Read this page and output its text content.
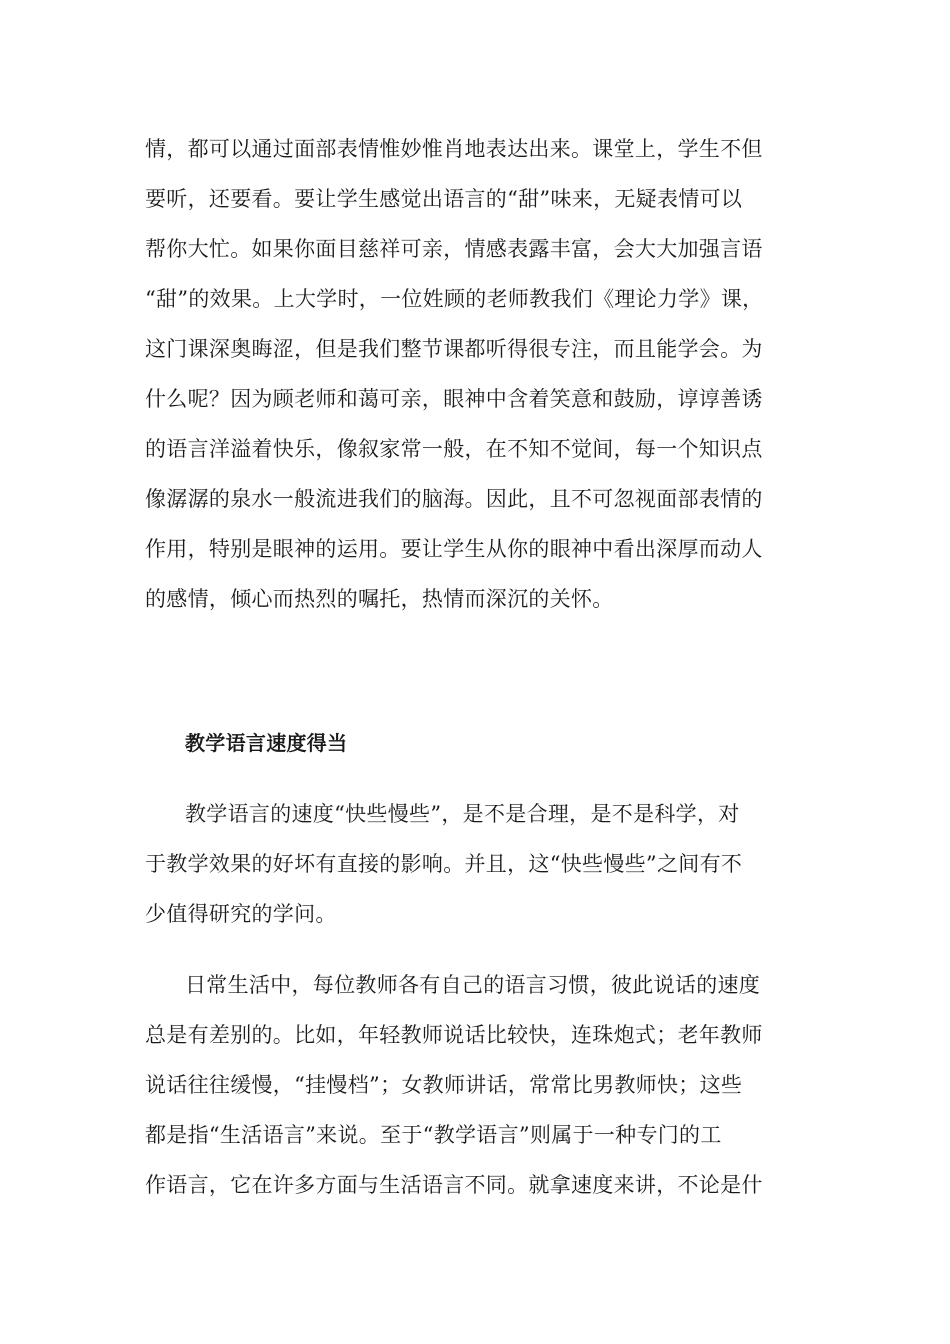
情，都可以通过面部表情惟妙惟肖地表达出来。课堂上，学生不但
要听，还要看。要让学生感觉出语言的“甜”味来，无疑表情可以
帮你大忙。如果你面目慈祥可亲，情感表露丰富，会大大加强言语
“甜”的效果。上大学时，一位姓顾的老师教我们《理论力学》课，
这门课深奥晦涩，但是我们整节课都听得很专注，而且能学会。为
什么呢？因为顾老师和蔼可亲，眼神中含着笑意和鼓励，谆谆善诱
的语言洋溢着快乐，像叙家常一般，在不知不觉间，每一个知识点
像潺潺的泉水一般流进我们的脑海。因此，且不可忽视面部表情的
作用，特别是眼神的运用。要让学生从你的眼神中看出深厚而动人
的感情，倾心而热烈的嘱托，热情而深沉的关怀。
教学语言速度得当
教学语言的速度“快些慢些”，是不是合理，是不是科学，对
于教学效果的好坏有直接的影响。并且，这“快些慢些”之间有不
少值得研究的学问。
日常生活中，每位教师各有自己的语言习惯，彼此说话的速度
总是有差别的。比如，年轻教师说话比较快，连珠炮式；老年教师
说话往往缓慢，“挂慢档”；女教师讲话，常常比男教师快；这些
都是指“生活语言”来说。至于“教学语言”则属于一种专门的工
作语言，它在许多方面与生活语言不同。就拿速度来讲，不论是什
